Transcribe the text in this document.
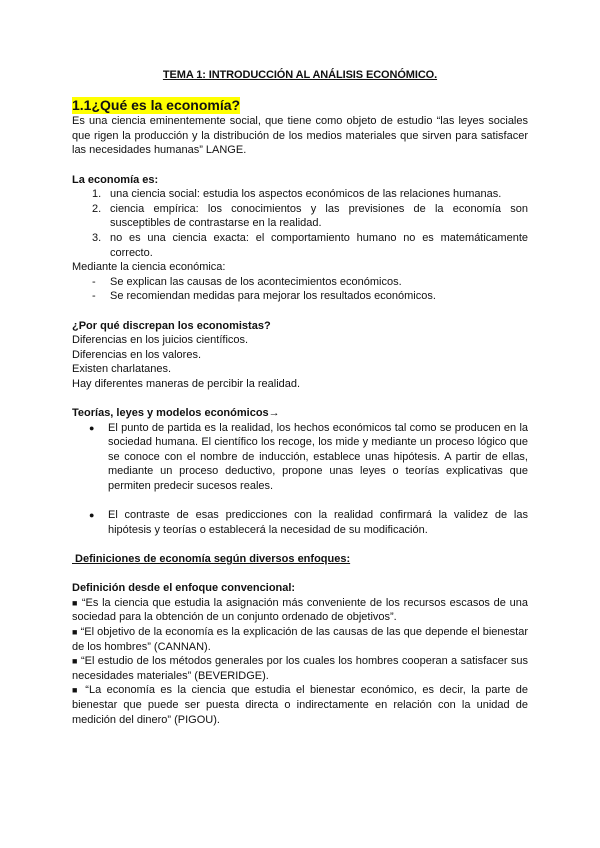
TEMA 1: INTRODUCCIÓN AL ANÁLISIS ECONÓMICO.

1.1¿Qué es la economía?

Es una ciencia eminentemente social, que tiene como objeto de estudio “las leyes sociales que rigen la producción y la distribución de los medios materiales que sirven para satisfacer las necesidades humanas” LANGE.

La economía es:

1. una ciencia social: estudia los aspectos económicos de las relaciones humanas.
2. ciencia empírica: los conocimientos y las previsiones de la economía son susceptibles de contrastarse en la realidad.
3. no es una ciencia exacta: el comportamiento humano no es matemáticamente correcto.

Mediante la ciencia económica:

- Se explican las causas de los acontecimientos económicos.
- Se recomiendan medidas para mejorar los resultados económicos.

¿Por qué discrepan los economistas?

Diferencias en los juicios científicos.

Diferencias en los valores.

Existen charlatanes.

Hay diferentes maneras de percibir la realidad.

Teorías, leyes y modelos económicos→

● El punto de partida es la realidad, los hechos económicos tal como se producen en la sociedad humana. El científico los recoge, los mide y mediante un proceso lógico que se conoce con el nombre de inducción, establece unas hipótesis. A partir de ellas, mediante un proceso deductivo, propone unas leyes o teorías explicativas que permiten predecir sucesos reales.
● El contraste de esas predicciones con la realidad confirmará la validez de las hipótesis y teorías o establecerá la necesidad de su modificación.

Definiciones de economía según diversos enfoques:

Definición desde el enfoque convencional:

■ “Es la ciencia que estudia la asignación más conveniente de los recursos escasos de una sociedad para la obtención de un conjunto ordenado de objetivos”.

■ “El objetivo de la economía es la explicación de las causas de las que depende el bienestar de los hombres” (CANNAN).

■ “El estudio de los métodos generales por los cuales los hombres cooperan a satisfacer sus necesidades materiales” (BEVERIDGE).

■ “La economía es la ciencia que estudia el bienestar económico, es decir, la parte de bienestar que puede ser puesta directa o indirectamente en relación con la unidad de medición del dinero” (PIGOU).
